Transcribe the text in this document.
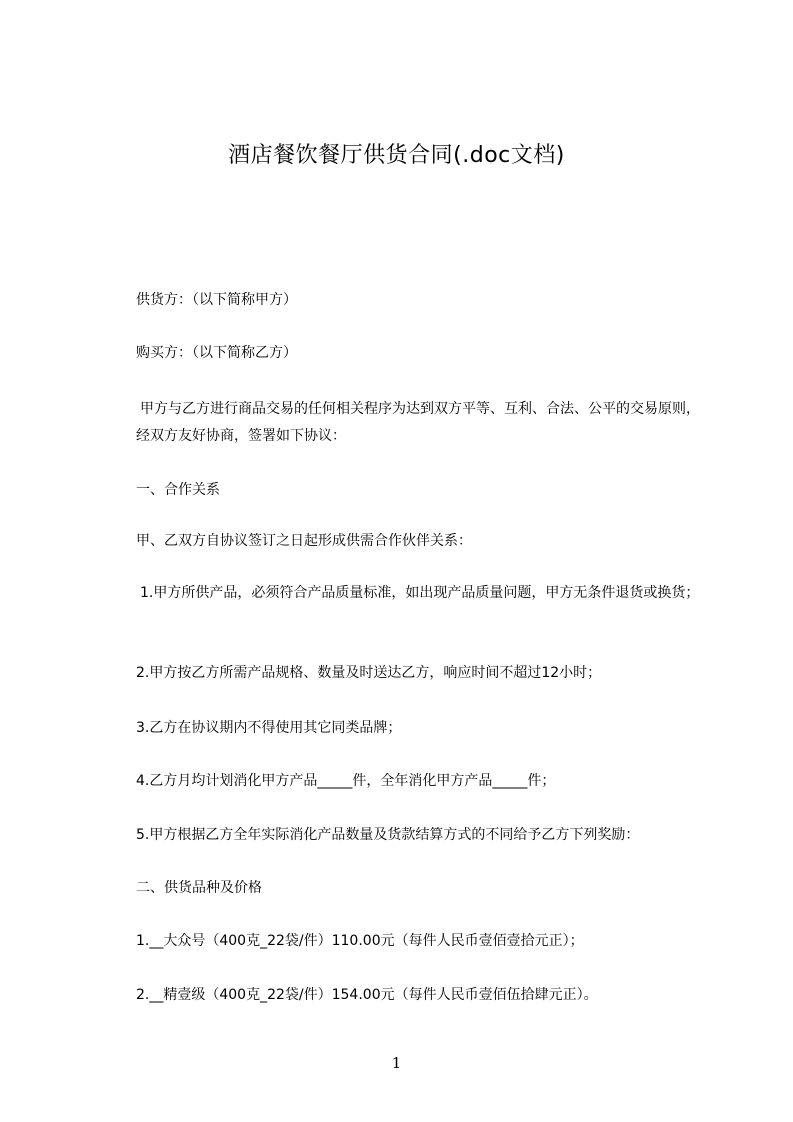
酒店餐饮餐厅供货合同(.doc文档)

供货方：（以下简称甲方）

购买方：（以下简称乙方）

甲方与乙方进行商品交易的任何相关程序为达到双方平等、互利、合法、公平的交易原则，经双方友好协商，签署如下协议：

一、合作关系

甲、乙双方自协议签订之日起形成供需合作伙伴关系：

1.甲方所供产品，必须符合产品质量标准，如出现产品质量问题，甲方无条件退货或换货；

2.甲方按乙方所需产品规格、数量及时送达乙方，响应时间不超过12小时；

3.乙方在协议期内不得使用其它同类品牌；

4.乙方月均计划消化甲方产品_____件，全年消化甲方产品_____件；

5.甲方根据乙方全年实际消化产品数量及货款结算方式的不同给予乙方下列奖励：

二、供货品种及价格

1.__大众号（400克_22袋/件）110.00元（每件人民币壹佰壹拾元正）；

2.__精壹级（400克_22袋/件）154.00元（每件人民币壹佰伍拾肆元正）。

1
